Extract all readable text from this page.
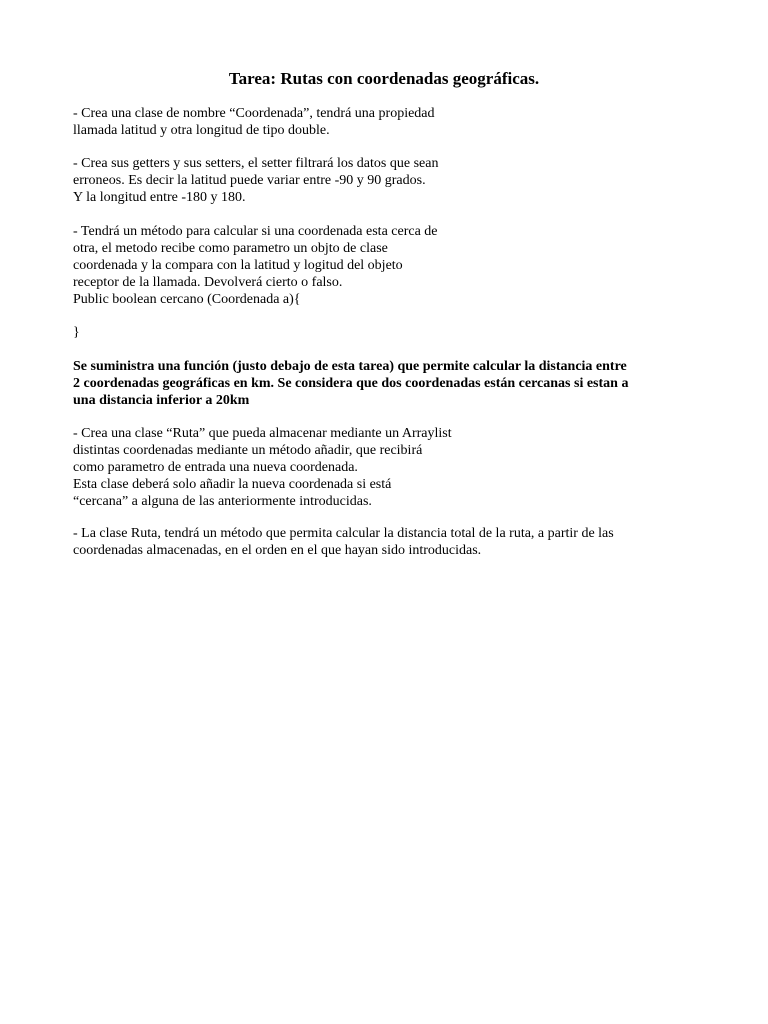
Tarea: Rutas con coordenadas geográficas.
- Crea una clase de nombre “Coordenada”, tendrá una propiedad
llamada latitud y otra longitud de tipo double.
- Crea sus getters y sus setters, el setter filtrará los datos que sean
erroneos. Es decir la latitud puede variar entre -90 y 90 grados.
Y la longitud entre -180 y 180.
- Tendrá un método para calcular si una coordenada esta cerca de
otra, el metodo recibe como parametro un objto de clase
coordenada y la compara con la latitud y logitud del objeto
receptor de la llamada. Devolverá cierto o falso.
Public boolean cercano (Coordenada a){
}
Se suministra una función (justo debajo de esta tarea) que permite calcular la distancia entre
2 coordenadas geográficas en km. Se considera que dos coordenadas están cercanas si estan a
una distancia inferior a 20km
- Crea una clase “Ruta” que pueda almacenar mediante un Arraylist
distintas coordenadas mediante un método añadir, que recibirá
como parametro de entrada una nueva coordenada.
Esta clase deberá solo añadir la nueva coordenada si está
“cercana” a alguna de las anteriormente introducidas.
- La clase Ruta, tendrá un método que permita calcular la distancia total de la ruta, a partir de las
coordenadas almacenadas, en el orden en el que hayan sido introducidas.
